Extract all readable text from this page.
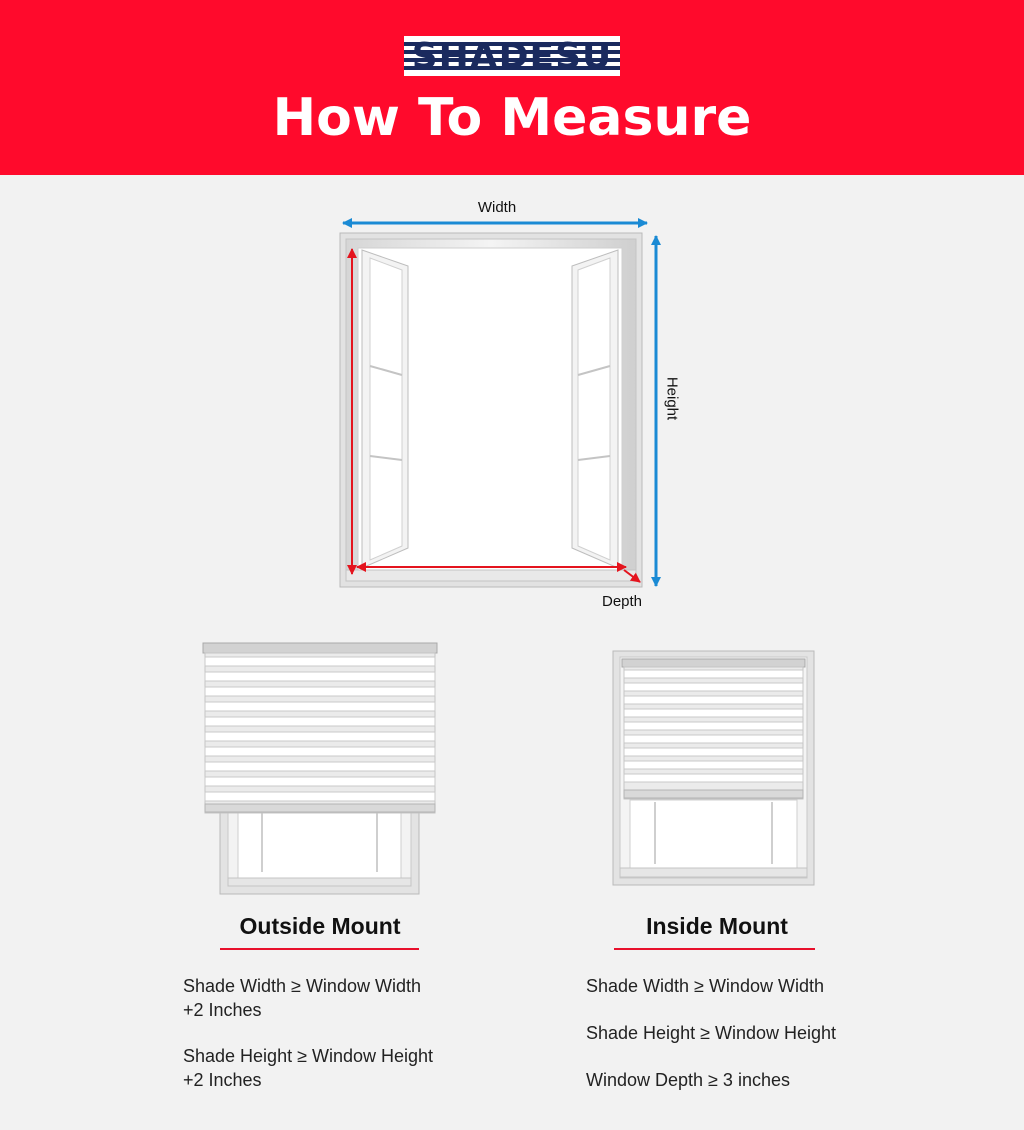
SHADESU
How To Measure
Width
Height
Depth
Outside Mount	Inside Mount
Shade Width ≥ Window Width
+2 Inches
Shade Height ≥ Window Height
+2 Inches
Shade Width ≥ Window Width
Shade Height ≥ Window Height
Window Depth ≥ 3 inches
